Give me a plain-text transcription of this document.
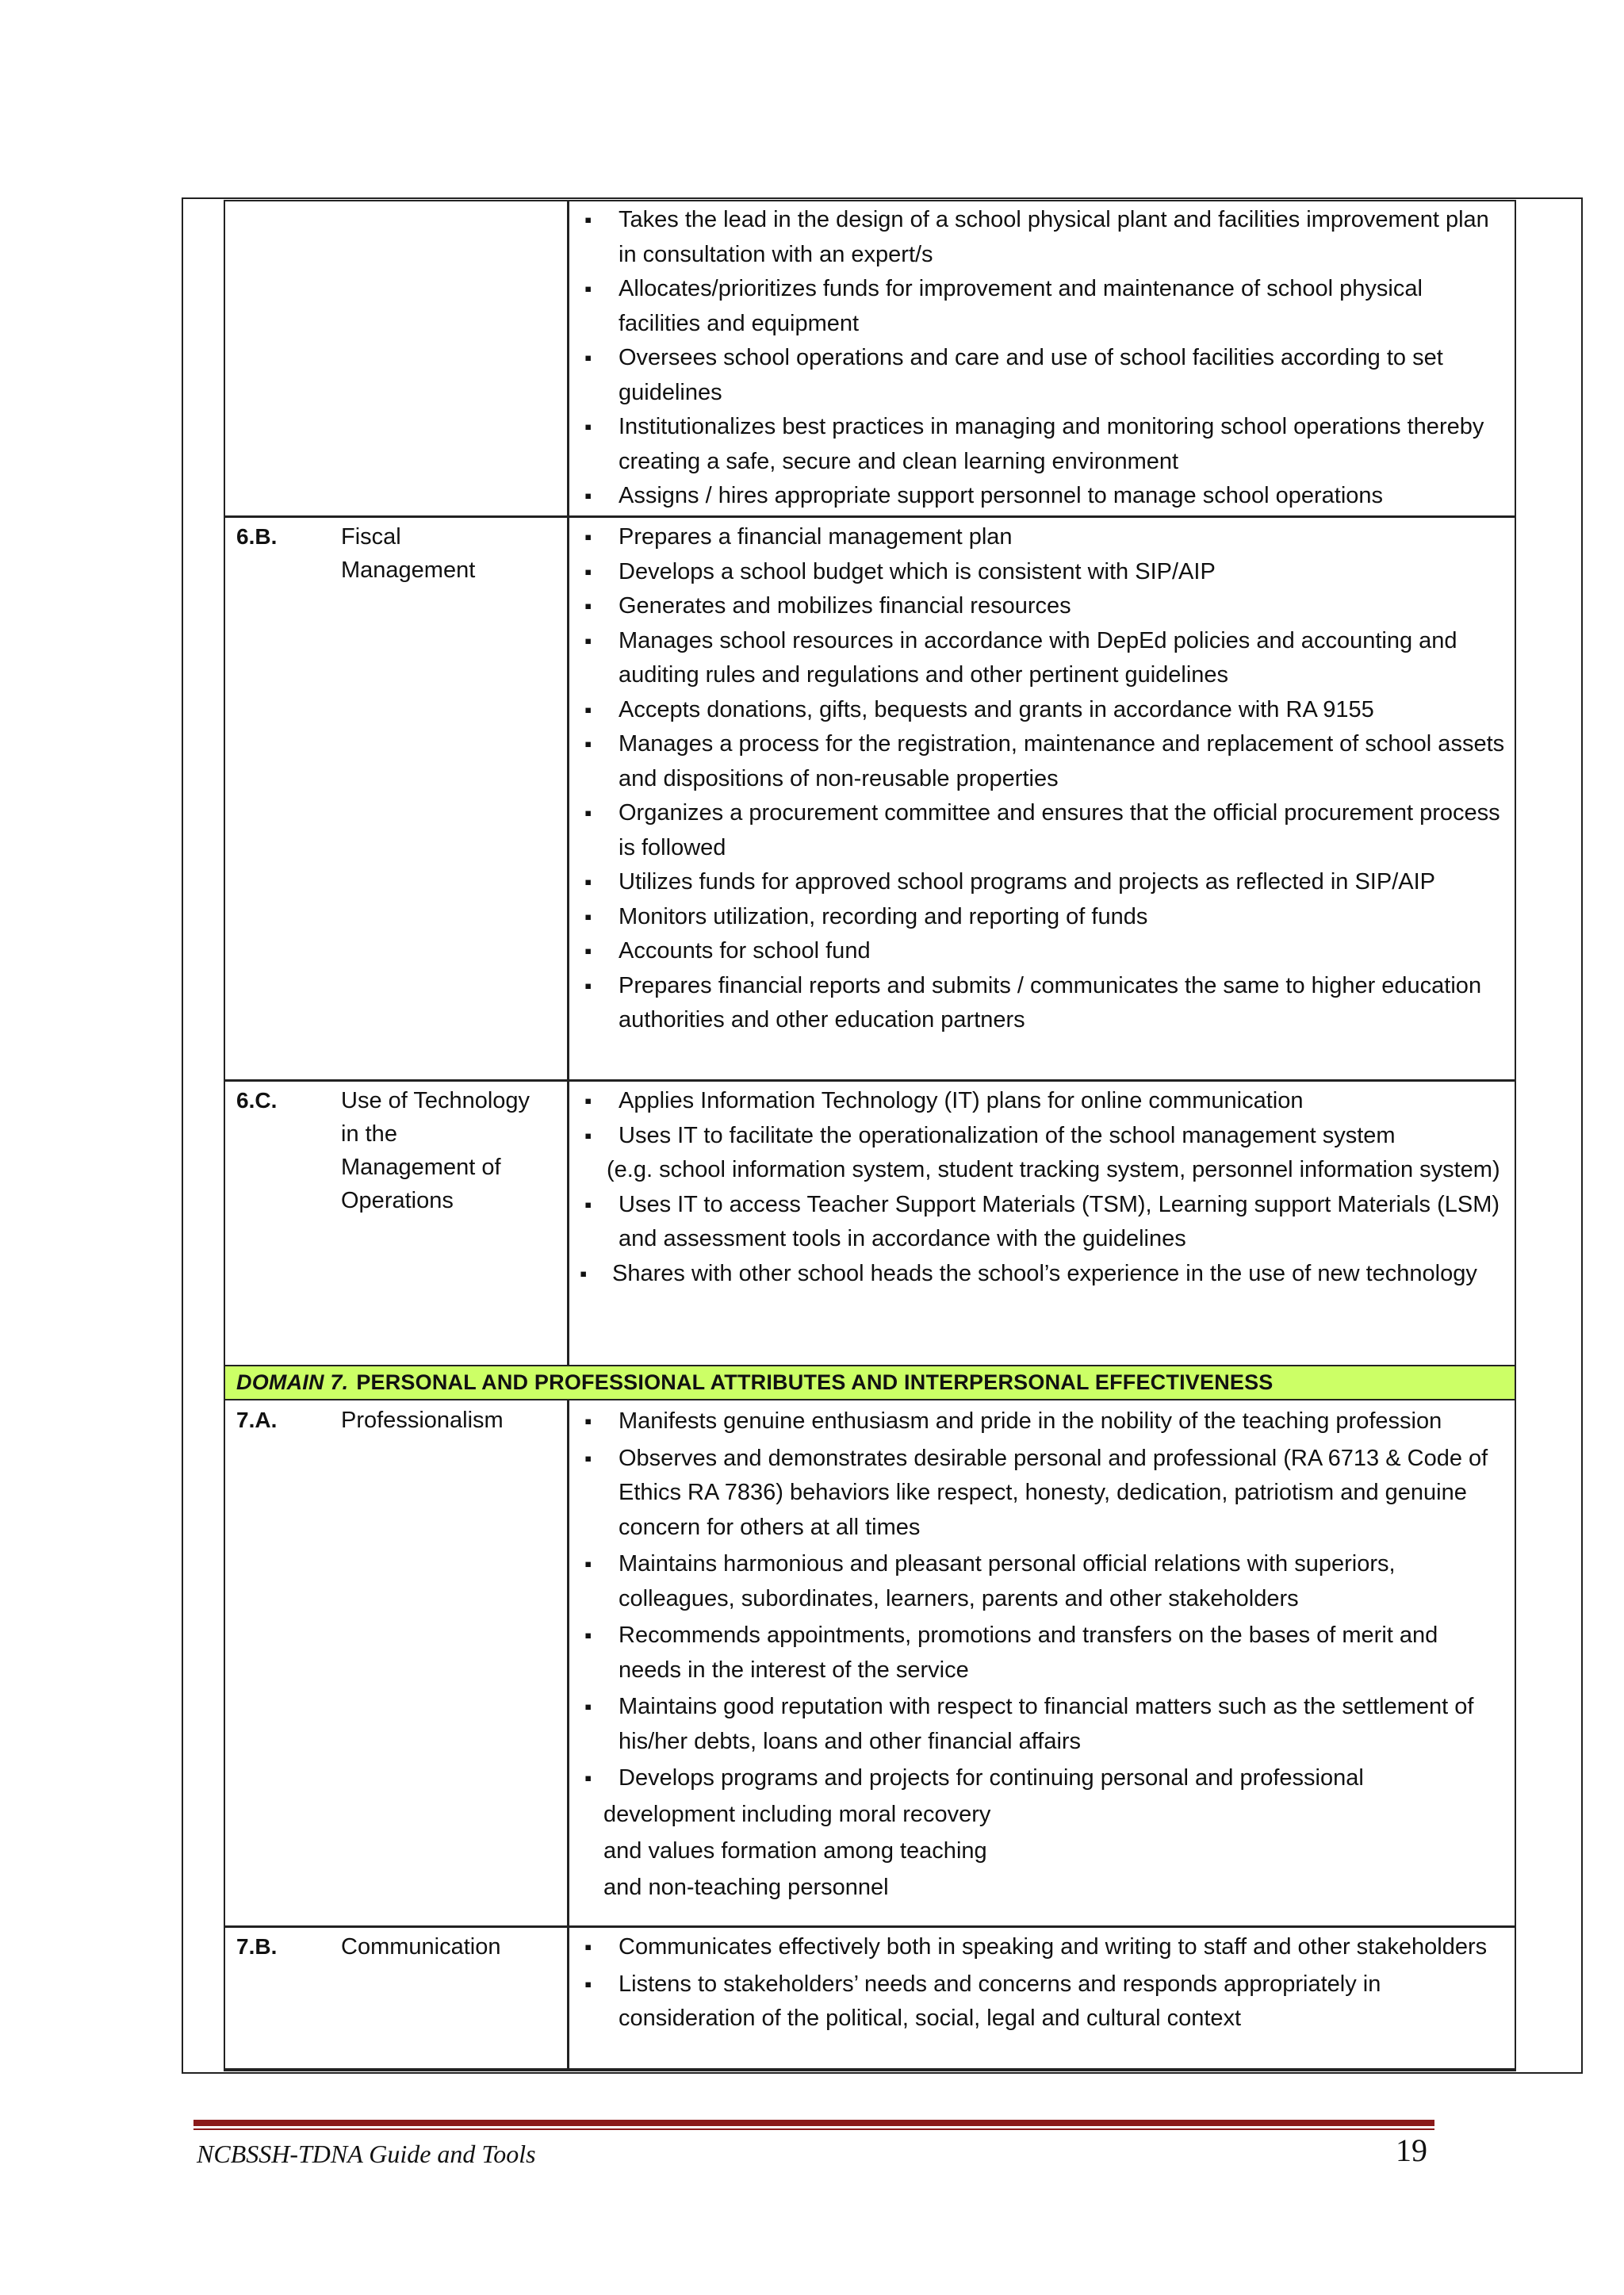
▪ Takes the lead in the design of a school physical plant and facilities improvement plan in consultation with an expert/s
▪ Allocates/prioritizes funds for improvement and maintenance of school physical facilities and equipment
▪ Oversees school operations and care and use of school facilities according to set guidelines
▪ Institutionalizes best practices in managing and monitoring school operations thereby creating a safe, secure and clean learning environment
▪ Assigns / hires appropriate support personnel to manage school operations
6.B.	Fiscal Management
▪ Prepares a financial management plan
▪ Develops a school budget which is consistent with SIP/AIP
▪ Generates and mobilizes financial resources
▪ Manages school resources in accordance with DepEd policies and accounting and auditing rules and regulations and other pertinent guidelines
▪ Accepts donations, gifts, bequests and grants in accordance with RA 9155
▪ Manages a process for the registration, maintenance and replacement of school assets and dispositions of non-reusable properties
▪ Organizes a procurement committee and ensures that the official procurement process is followed
▪ Utilizes funds for approved school programs and projects as reflected in SIP/AIP
▪ Monitors utilization, recording and reporting of funds
▪ Accounts for school fund
▪ Prepares financial reports and submits / communicates the same to higher education authorities and other education partners
6.C.	Use of Technology in the Management of Operations
▪ Applies Information Technology (IT) plans for online communication
▪ Uses IT to facilitate the operationalization of the school management system
(e.g. school information system, student tracking system, personnel information system)
▪ Uses IT to access Teacher Support Materials (TSM), Learning support Materials (LSM) and assessment tools in accordance with the guidelines
▪ Shares with other school heads the school’s experience in the use of new technology
DOMAIN 7. PERSONAL AND PROFESSIONAL ATTRIBUTES AND INTERPERSONAL EFFECTIVENESS
7.A.	Professionalism	▪ Manifests genuine enthusiasm and pride in the nobility of the teaching profession
▪ Observes and demonstrates desirable personal and professional (RA 6713 & Code of Ethics RA 7836) behaviors like respect, honesty, dedication, patriotism and genuine concern for others at all times
▪ Maintains harmonious and pleasant personal official relations with superiors, colleagues, subordinates, learners, parents and other stakeholders
▪ Recommends appointments, promotions and transfers on the bases of merit and needs in the interest of the service
▪ Maintains good reputation with respect to financial matters such as the settlement of his/her debts, loans and other financial affairs
▪ Develops programs and projects for continuing personal and professional
development including moral recovery
and values formation among teaching
and non-teaching personnel
7.B.	Communication	▪ Communicates effectively both in speaking and writing to staff and other stakeholders
▪ Listens to stakeholders’ needs and concerns and responds appropriately in consideration of the political, social, legal and cultural context
NCBSSH-TDNA Guide and Tools	19
